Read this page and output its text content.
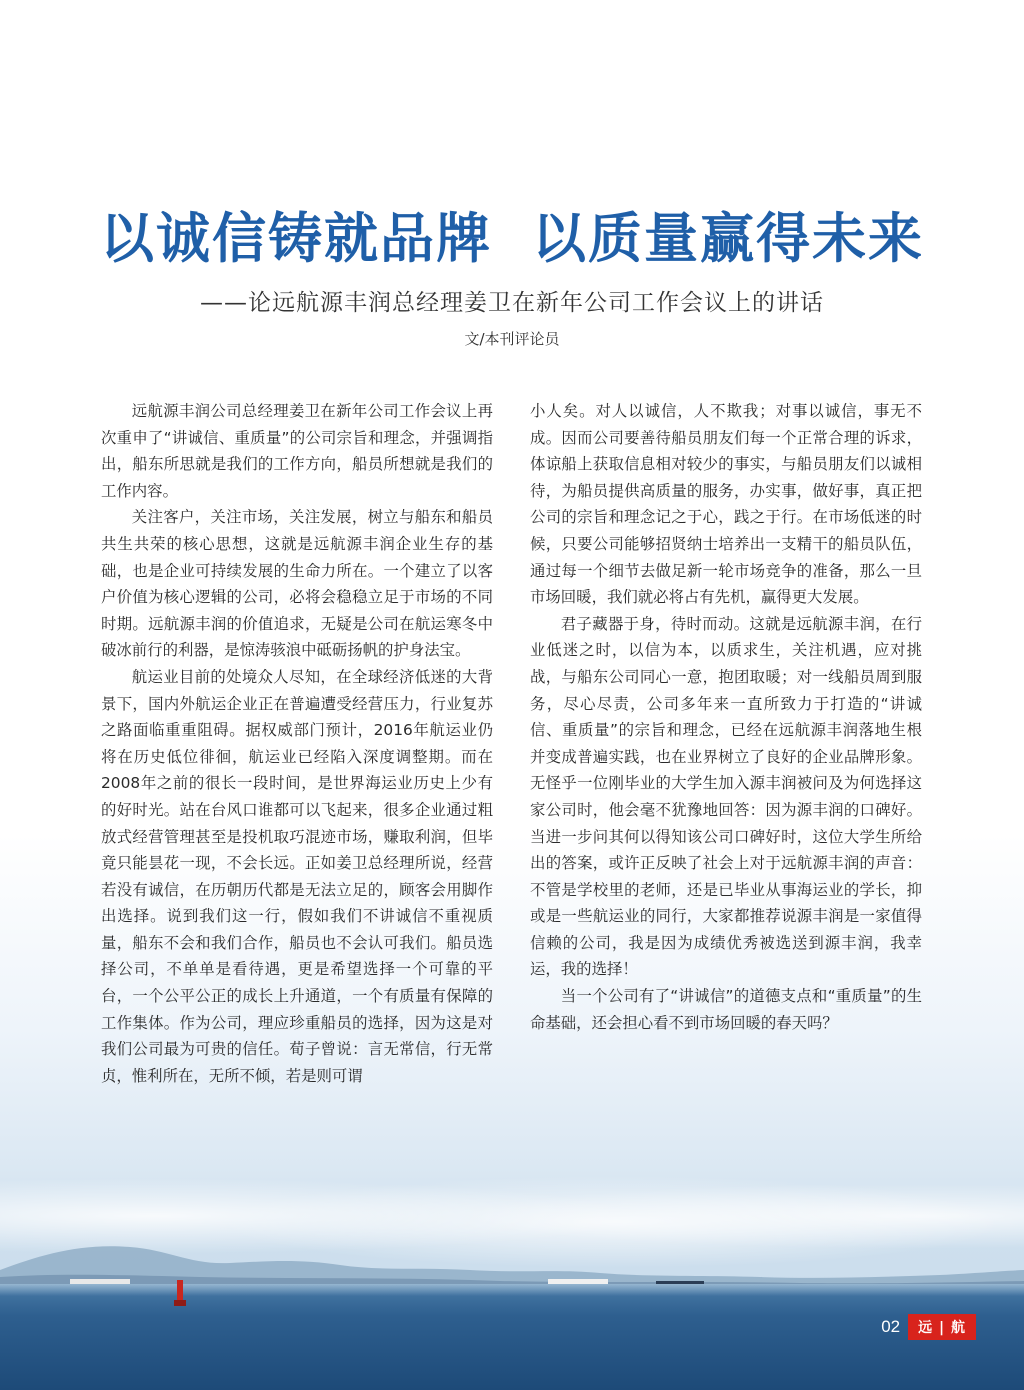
以诚信铸就品牌 以质量赢得未来
——论远航源丰润总经理姜卫在新年公司工作会议上的讲话
文/本刊评论员

远航源丰润公司总经理姜卫在新年公司工作会议上再次重申了“讲诚信、重质量”的公司宗旨和理念，并强调指出，船东所思就是我们的工作方向，船员所想就是我们的工作内容。

关注客户，关注市场，关注发展，树立与船东和船员共生共荣的核心思想，这就是远航源丰润企业生存的基础，也是企业可持续发展的生命力所在。一个建立了以客户价值为核心逻辑的公司，必将会稳稳立足于市场的不同时期。远航源丰润的价值追求，无疑是公司在航运寒冬中破冰前行的利器，是惊涛骇浪中砥砺扬帆的护身法宝。

航运业目前的处境众人尽知，在全球经济低迷的大背景下，国内外航运企业正在普遍遭受经营压力，行业复苏之路面临重重阻碍。据权威部门预计，2016年航运业仍将在历史低位徘徊，航运业已经陷入深度调整期。而在2008年之前的很长一段时间，是世界海运业历史上少有的好时光。站在台风口谁都可以飞起来，很多企业通过粗放式经营管理甚至是投机取巧混迹市场，赚取利润，但毕竟只能昙花一现，不会长远。正如姜卫总经理所说，经营若没有诚信，在历朝历代都是无法立足的，顾客会用脚作出选择。说到我们这一行，假如我们不讲诚信不重视质量，船东不会和我们合作，船员也不会认可我们。船员选择公司，不单单是看待遇，更是希望选择一个可靠的平台，一个公平公正的成长上升通道，一个有质量有保障的工作集体。作为公司，理应珍重船员的选择，因为这是对我们公司最为可贵的信任。荀子曾说：言无常信，行无常贞，惟利所在，无所不倾，若是则可谓

小人矣。对人以诚信，人不欺我；对事以诚信，事无不成。因而公司要善待船员朋友们每一个正常合理的诉求，体谅船上获取信息相对较少的事实，与船员朋友们以诚相待，为船员提供高质量的服务，办实事，做好事，真正把公司的宗旨和理念记之于心，践之于行。在市场低迷的时候，只要公司能够招贤纳士培养出一支精干的船员队伍，通过每一个细节去做足新一轮市场竞争的准备，那么一旦市场回暖，我们就必将占有先机，赢得更大发展。

君子藏器于身，待时而动。这就是远航源丰润，在行业低迷之时，以信为本，以质求生，关注机遇，应对挑战，与船东公司同心一意，抱团取暖；对一线船员周到服务，尽心尽责，公司多年来一直所致力于打造的“讲诚信、重质量”的宗旨和理念，已经在远航源丰润落地生根并变成普遍实践，也在业界树立了良好的企业品牌形象。无怪乎一位刚毕业的大学生加入源丰润被问及为何选择这家公司时，他会毫不犹豫地回答：因为源丰润的口碑好。当进一步问其何以得知该公司口碑好时，这位大学生所给出的答案，或许正反映了社会上对于远航源丰润的声音：不管是学校里的老师，还是已毕业从事海运业的学长，抑或是一些航运业的同行，大家都推荐说源丰润是一家值得信赖的公司，我是因为成绩优秀被选送到源丰润，我幸运，我的选择！

当一个公司有了“讲诚信”的道德支点和“重质量”的生命基础，还会担心看不到市场回暖的春天吗？

02	远 | 航
